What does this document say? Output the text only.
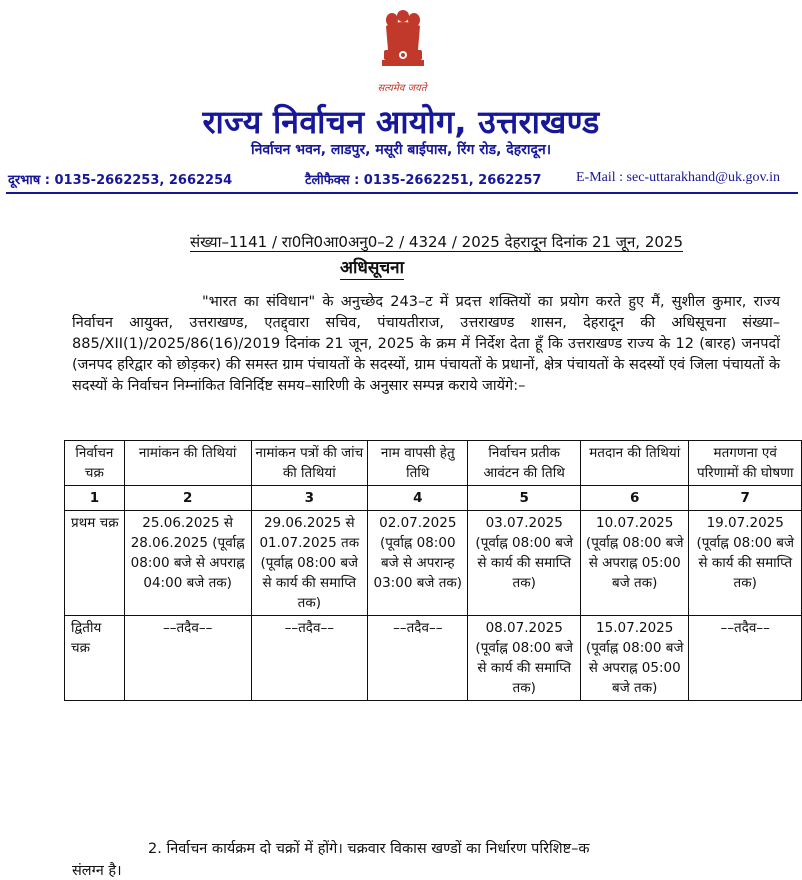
सत्यमेव जयते
राज्य निर्वाचन आयोग, उत्तराखण्ड
निर्वाचन भवन, लाडपुर, मसूरी बाईपास, रिंग रोड, देहरादून।
दूरभाष : 0135-2662253, 2662254	टैलीफैक्स : 0135-2662251, 2662257 E-Mail : sec-uttarakhand@uk.gov.in
संख्या–1141 / रा0नि0आ0अनु0–2 / 4324 / 2025 देहरादून दिनांक 21 जून, 2025
अधिसूचना
"भारत का संविधान" के अनुच्छेद 243–ट में प्रदत्त शक्तियों का प्रयोग करते हुए मैं, सुशील कुमार, राज्य निर्वाचन आयुक्त, उत्तराखण्ड, एतद्द्वारा सचिव, पंचायतीराज, उत्तराखण्ड शासन, देहरादून की अधिसूचना संख्या–885/XII(1)/2025/86(16)/2019 दिनांक 21 जून, 2025 के क्रम में निर्देश देता हूँ कि उत्तराखण्ड राज्य के 12 (बारह) जनपदों (जनपद हरिद्वार को छोड़कर) की समस्त ग्राम पंचायतों के सदस्यों, ग्राम पंचायतों के प्रधानों, क्षेत्र पंचायतों के सदस्यों एवं जिला पंचायतों के सदस्यों के निर्वाचन निम्नांकित विनिर्दिष्ट समय–सारिणी के अनुसार सम्पन्न कराये जायेंगे:–
निर्वाचन चक्र	नामांकन की तिथियां	नामांकन पत्रों की जांच की तिथियां	नाम वापसी हेतु तिथि	निर्वाचन प्रतीक आवंटन की तिथि	मतदान की तिथियां	मतगणना एवं परिणामों की घोषणा
1	2	3	4	5	6	7
प्रथम चक्र	25.06.2025 से 28.06.2025 (पूर्वाह्न 08:00 बजे से अपराह्न 04:00 बजे तक)	29.06.2025 से 01.07.2025 तक (पूर्वाह्न 08:00 बजे से कार्य की समाप्ति तक)	02.07.2025 (पूर्वाह्न 08:00 बजे से अपरान्ह 03:00 बजे तक)	03.07.2025 (पूर्वाह्न 08:00 बजे से कार्य की समाप्ति तक)	10.07.2025 (पूर्वाह्न 08:00 बजे से अपराह्न 05:00 बजे तक)	19.07.2025 (पूर्वाह्न 08:00 बजे से कार्य की समाप्ति तक)
द्वितीय चक्र	––तदैव––	––तदैव––	––तदैव––	08.07.2025 (पूर्वाह्न 08:00 बजे से कार्य की समाप्ति तक)	15.07.2025 (पूर्वाह्न 08:00 बजे से अपराह्न 05:00 बजे तक)	––तदैव––
2. निर्वाचन कार्यक्रम दो चक्रों में होंगे। चक्रवार विकास खण्डों का निर्धारण परिशिष्ट–क
संलग्न है।
